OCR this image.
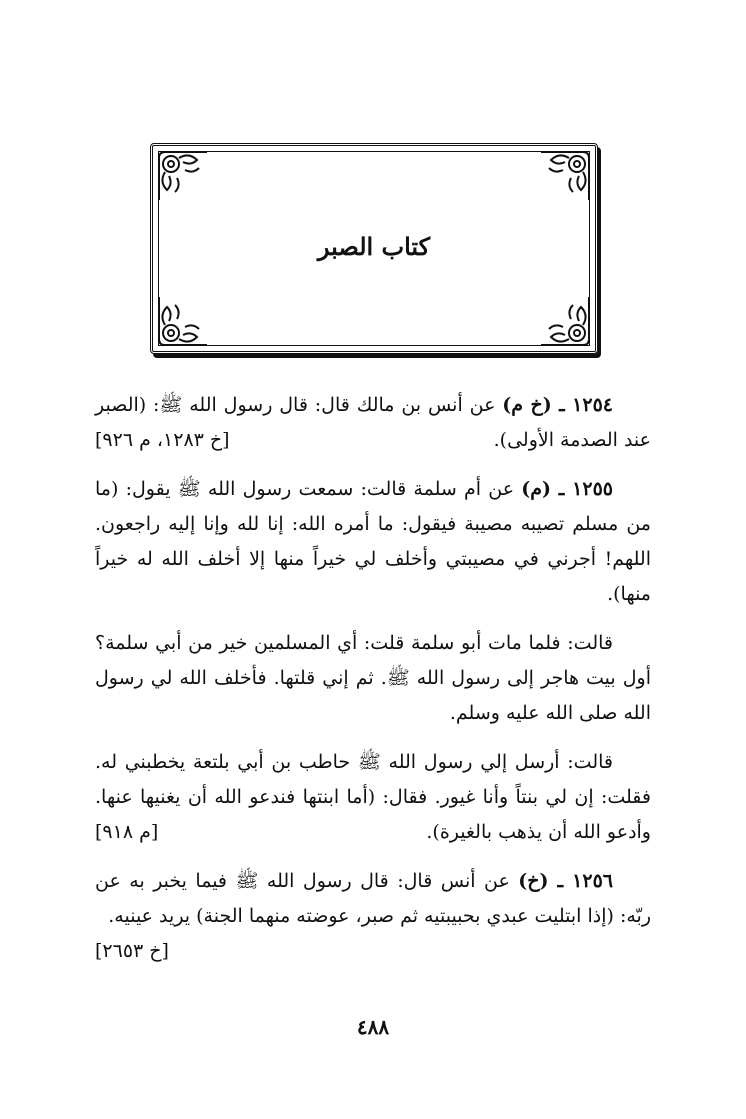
كتاب الصبر

١٢٥٤ ـ (خ م) عن أنس بن مالك قال: قال رسول الله ﷺ: (الصبر عند الصدمة الأولى).
[خ ١٢٨٣، م ٩٢٦]

١٢٥٥ ـ (م) عن أم سلمة قالت: سمعت رسول الله ﷺ يقول: (ما من مسلم تصيبه مصيبة فيقول: ما أمره الله: إنا لله وإنا إليه راجعون. اللهم! أجرني في مصيبتي وأخلف لي خيراً منها إلا أخلف الله له خيراً منها).

قالت: فلما مات أبو سلمة قلت: أي المسلمين خير من أبي سلمة؟ أول بيت هاجر إلى رسول الله ﷺ. ثم إني قلتها. فأخلف الله لي رسول الله صلى الله عليه وسلم.

قالت: أرسل إلي رسول الله ﷺ حاطب بن أبي بلتعة يخطبني له. فقلت: إن لي بنتاً وأنا غيور. فقال: (أما ابنتها فندعو الله أن يغنيها عنها. وأدعو الله أن يذهب بالغيرة).
[م ٩١٨]

١٢٥٦ ـ (خ) عن أنس قال: قال رسول الله ﷺ فيما يخبر به عن ربّه: (إذا ابتليت عبدي بحبيبتيه ثم صبر، عوضته منهما الجنة) يريد عينيه.
[خ ٢٦٥٣]

٤٨٨
